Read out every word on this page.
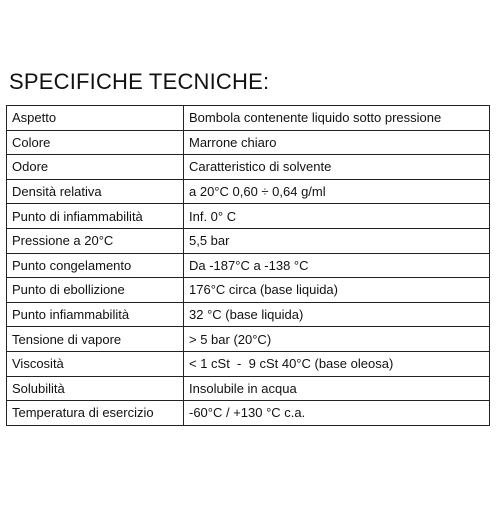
SPECIFICHE TECNICHE:
Aspetto	Bombola contenente liquido sotto pressione
Colore	Marrone chiaro
Odore	Caratteristico di solvente
Densità relativa	a 20°C 0,60 ÷ 0,64 g/ml
Punto di infiammabilità	Inf. 0° C
Pressione a 20°C	5,5 bar
Punto congelamento	Da -187°C a -138 °C
Punto di ebollizione	176°C circa (base liquida)
Punto infiammabilità	32 °C (base liquida)
Tensione di vapore	> 5 bar (20°C)
Viscosità	< 1 cSt  -  9 cSt 40°C (base oleosa)
Solubilità	Insolubile in acqua
Temperatura di esercizio	-60°C / +130 °C c.a.
